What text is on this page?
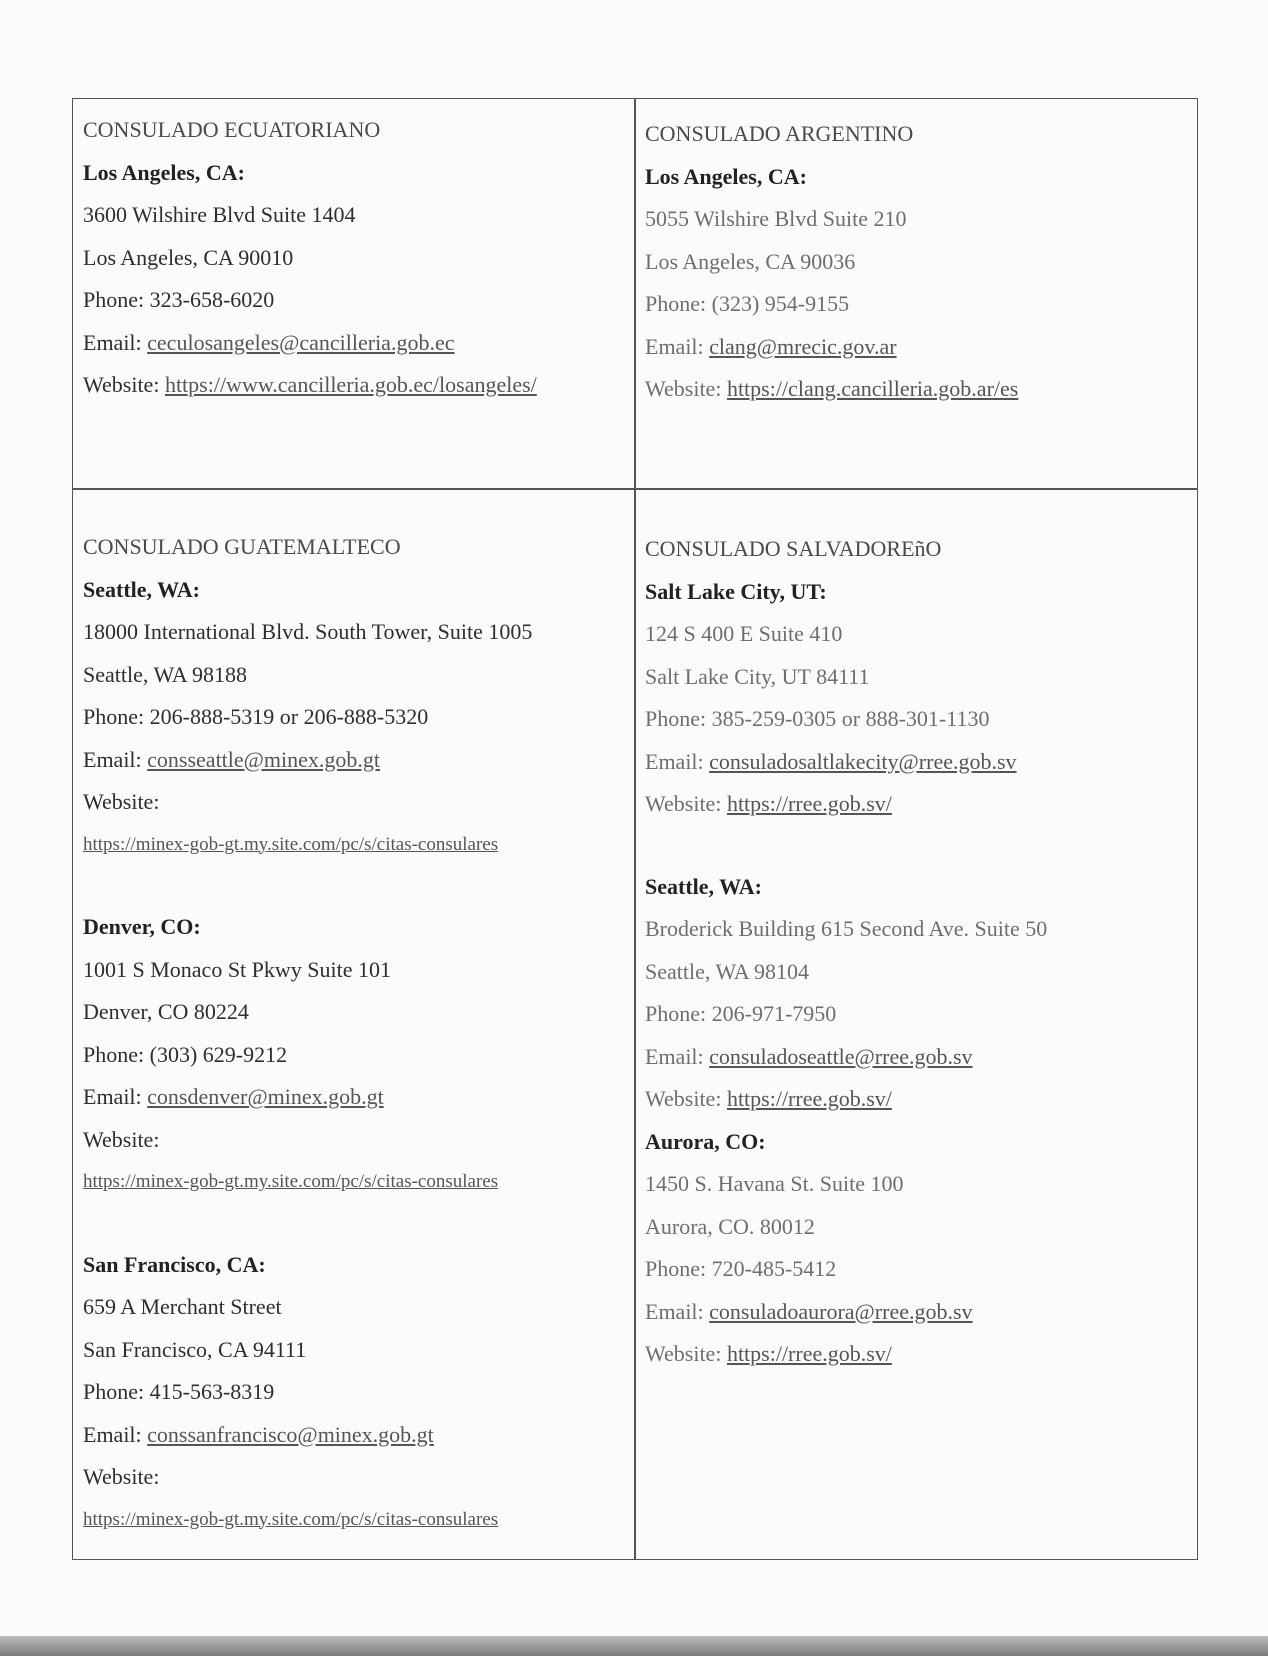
CONSULADO ECUATORIANO
Los Angeles, CA:
3600 Wilshire Blvd Suite 1404
Los Angeles, CA 90010
Phone: 323-658-6020
Email: ceculosangeles@cancilleria.gob.ec
Website: https://www.cancilleria.gob.ec/losangeles/
CONSULADO ARGENTINO
Los Angeles, CA:
5055 Wilshire Blvd Suite 210
Los Angeles, CA 90036
Phone: (323) 954-9155
Email: clang@mrecic.gov.ar
Website: https://clang.cancilleria.gob.ar/es
CONSULADO GUATEMALTECO
Seattle, WA:
18000 International Blvd. South Tower, Suite 1005
Seattle, WA 98188
Phone: 206-888-5319 or 206-888-5320
Email: consseattle@minex.gob.gt
Website:
https://minex-gob-gt.my.site.com/pc/s/citas-consulares
Denver, CO:
1001 S Monaco St Pkwy Suite 101
Denver, CO 80224
Phone: (303) 629-9212
Email: consdenver@minex.gob.gt
Website:
https://minex-gob-gt.my.site.com/pc/s/citas-consulares
San Francisco, CA:
659 A Merchant Street
San Francisco, CA 94111
Phone: 415-563-8319
Email: conssanfrancisco@minex.gob.gt
Website:
https://minex-gob-gt.my.site.com/pc/s/citas-consulares
CONSULADO SALVADOREñO
Salt Lake City, UT:
124 S 400 E Suite 410
Salt Lake City, UT 84111
Phone: 385-259-0305 or 888-301-1130
Email: consuladosaltlakecity@rree.gob.sv
Website: https://rree.gob.sv/
Seattle, WA:
Broderick Building 615 Second Ave. Suite 50
Seattle, WA 98104
Phone: 206-971-7950
Email: consuladoseattle@rree.gob.sv
Website: https://rree.gob.sv/
Aurora, CO:
1450 S. Havana St. Suite 100
Aurora, CO. 80012
Phone: 720-485-5412
Email: consuladoaurora@rree.gob.sv
Website: https://rree.gob.sv/
